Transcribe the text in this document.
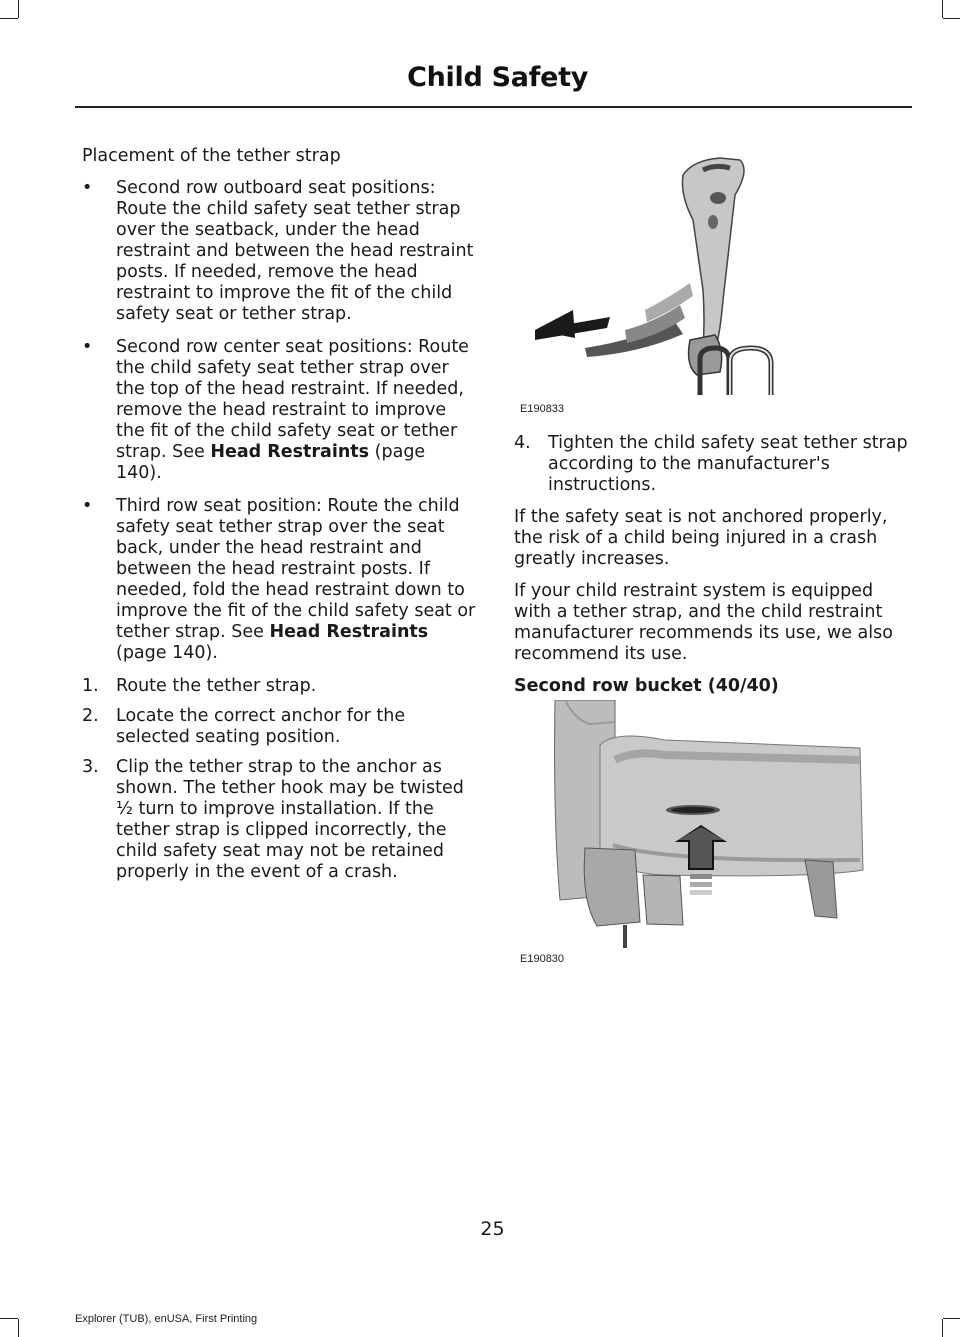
Child Safety

Placement of the tether strap

• Second row outboard seat positions: Route the child safety seat tether strap over the seatback, under the head restraint and between the head restraint posts. If needed, remove the head restraint to improve the fit of the child safety seat or tether strap.
• Second row center seat positions: Route the child safety seat tether strap over the top of the head restraint. If needed, remove the head restraint to improve the fit of the child safety seat or tether strap. See Head Restraints (page 140).
• Third row seat position: Route the child safety seat tether strap over the seat back, under the head restraint and between the head restraint posts. If needed, fold the head restraint down to improve the fit of the child safety seat or tether strap. See Head Restraints (page 140).
1. Route the tether strap.
2. Locate the correct anchor for the selected seating position.
3. Clip the tether strap to the anchor as shown. The tether hook may be twisted ½ turn to improve installation. If the tether strap is clipped incorrectly, the child safety seat may not be retained properly in the event of a crash.
E190833
4. Tighten the child safety seat tether strap according to the manufacturer's instructions.

If the safety seat is not anchored properly, the risk of a child being injured in a crash greatly increases.

If your child restraint system is equipped with a tether strap, and the child restraint manufacturer recommends its use, we also recommend its use.

Second row bucket (40/40)
E190830
25
Explorer (TUB), enUSA, First Printing
